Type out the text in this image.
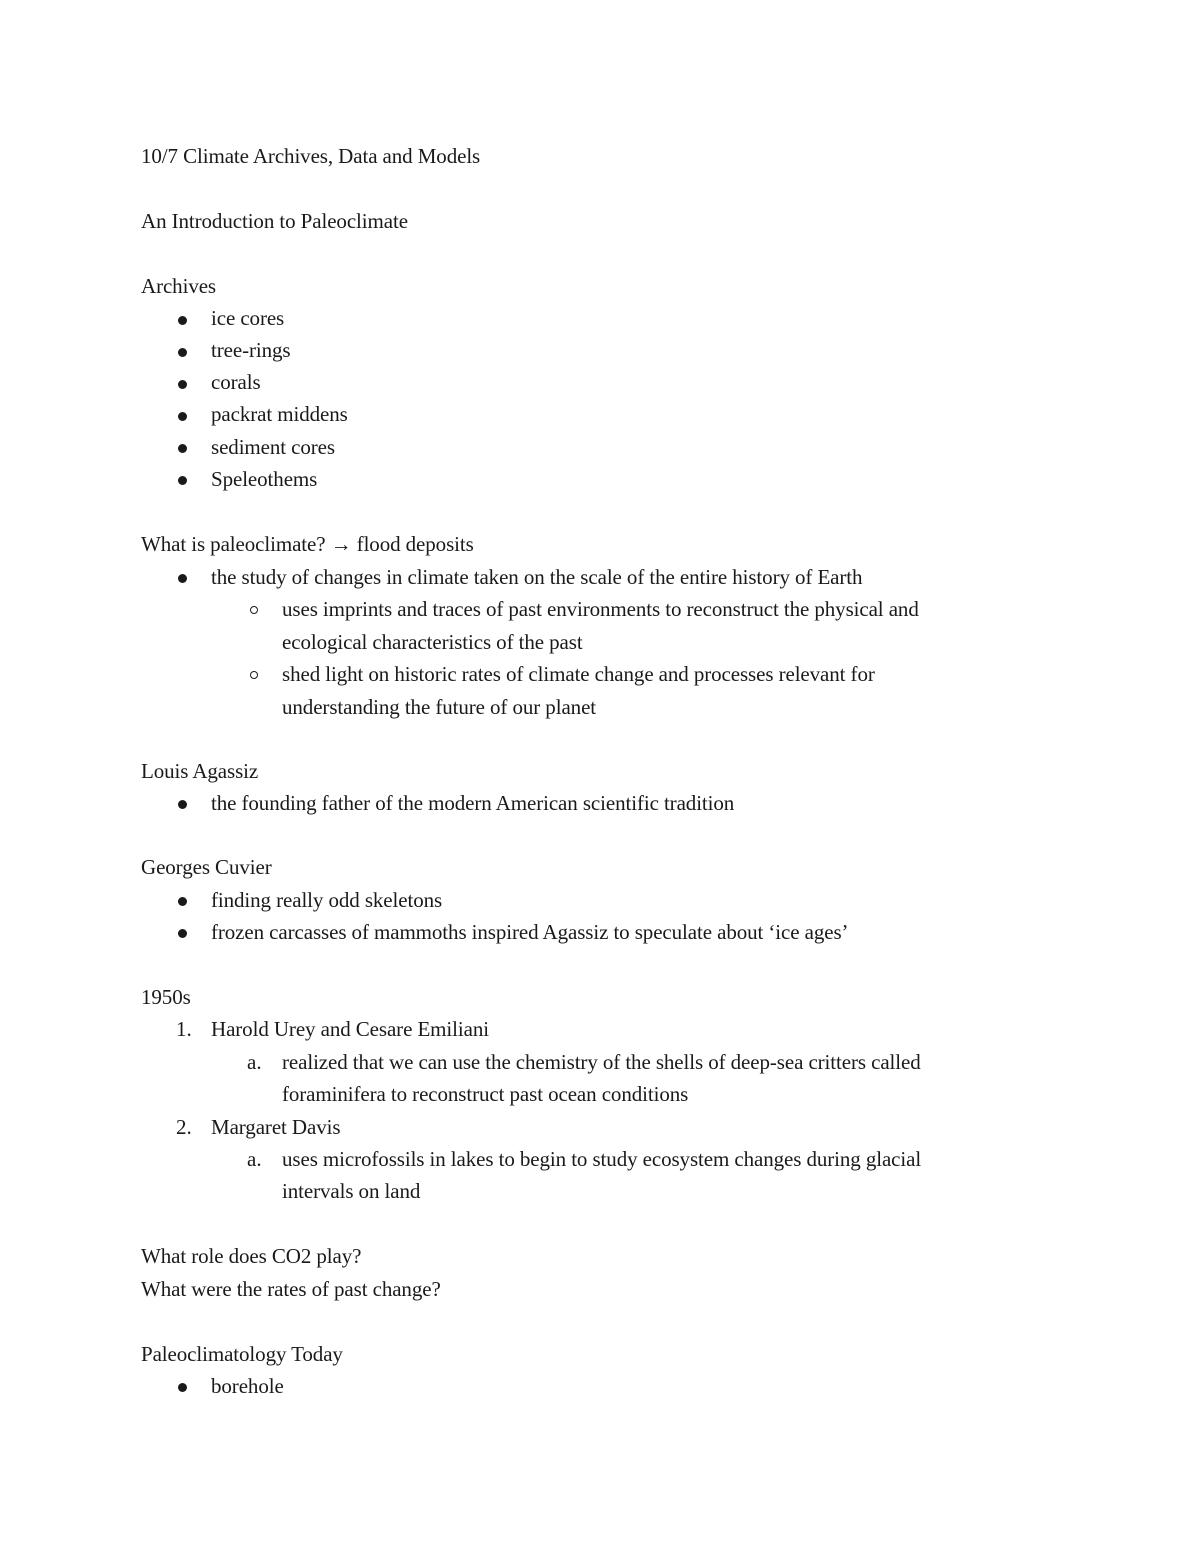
10/7 Climate Archives, Data and Models
An Introduction to Paleoclimate
Archives
ice cores
tree-rings
corals
packrat middens
sediment cores
Speleothems
What is paleoclimate? → flood deposits
the study of changes in climate taken on the scale of the entire history of Earth
uses imprints and traces of past environments to reconstruct the physical and
ecological characteristics of the past
shed light on historic rates of climate change and processes relevant for
understanding the future of our planet
Louis Agassiz
the founding father of the modern American scientific tradition
Georges Cuvier
finding really odd skeletons
frozen carcasses of mammoths inspired Agassiz to speculate about ‘ice ages’
1950s
1. Harold Urey and Cesare Emiliani
a. realized that we can use the chemistry of the shells of deep-sea critters called
foraminifera to reconstruct past ocean conditions
2. Margaret Davis
a. uses microfossils in lakes to begin to study ecosystem changes during glacial
intervals on land
What role does CO2 play?
What were the rates of past change?
Paleoclimatology Today
borehole
